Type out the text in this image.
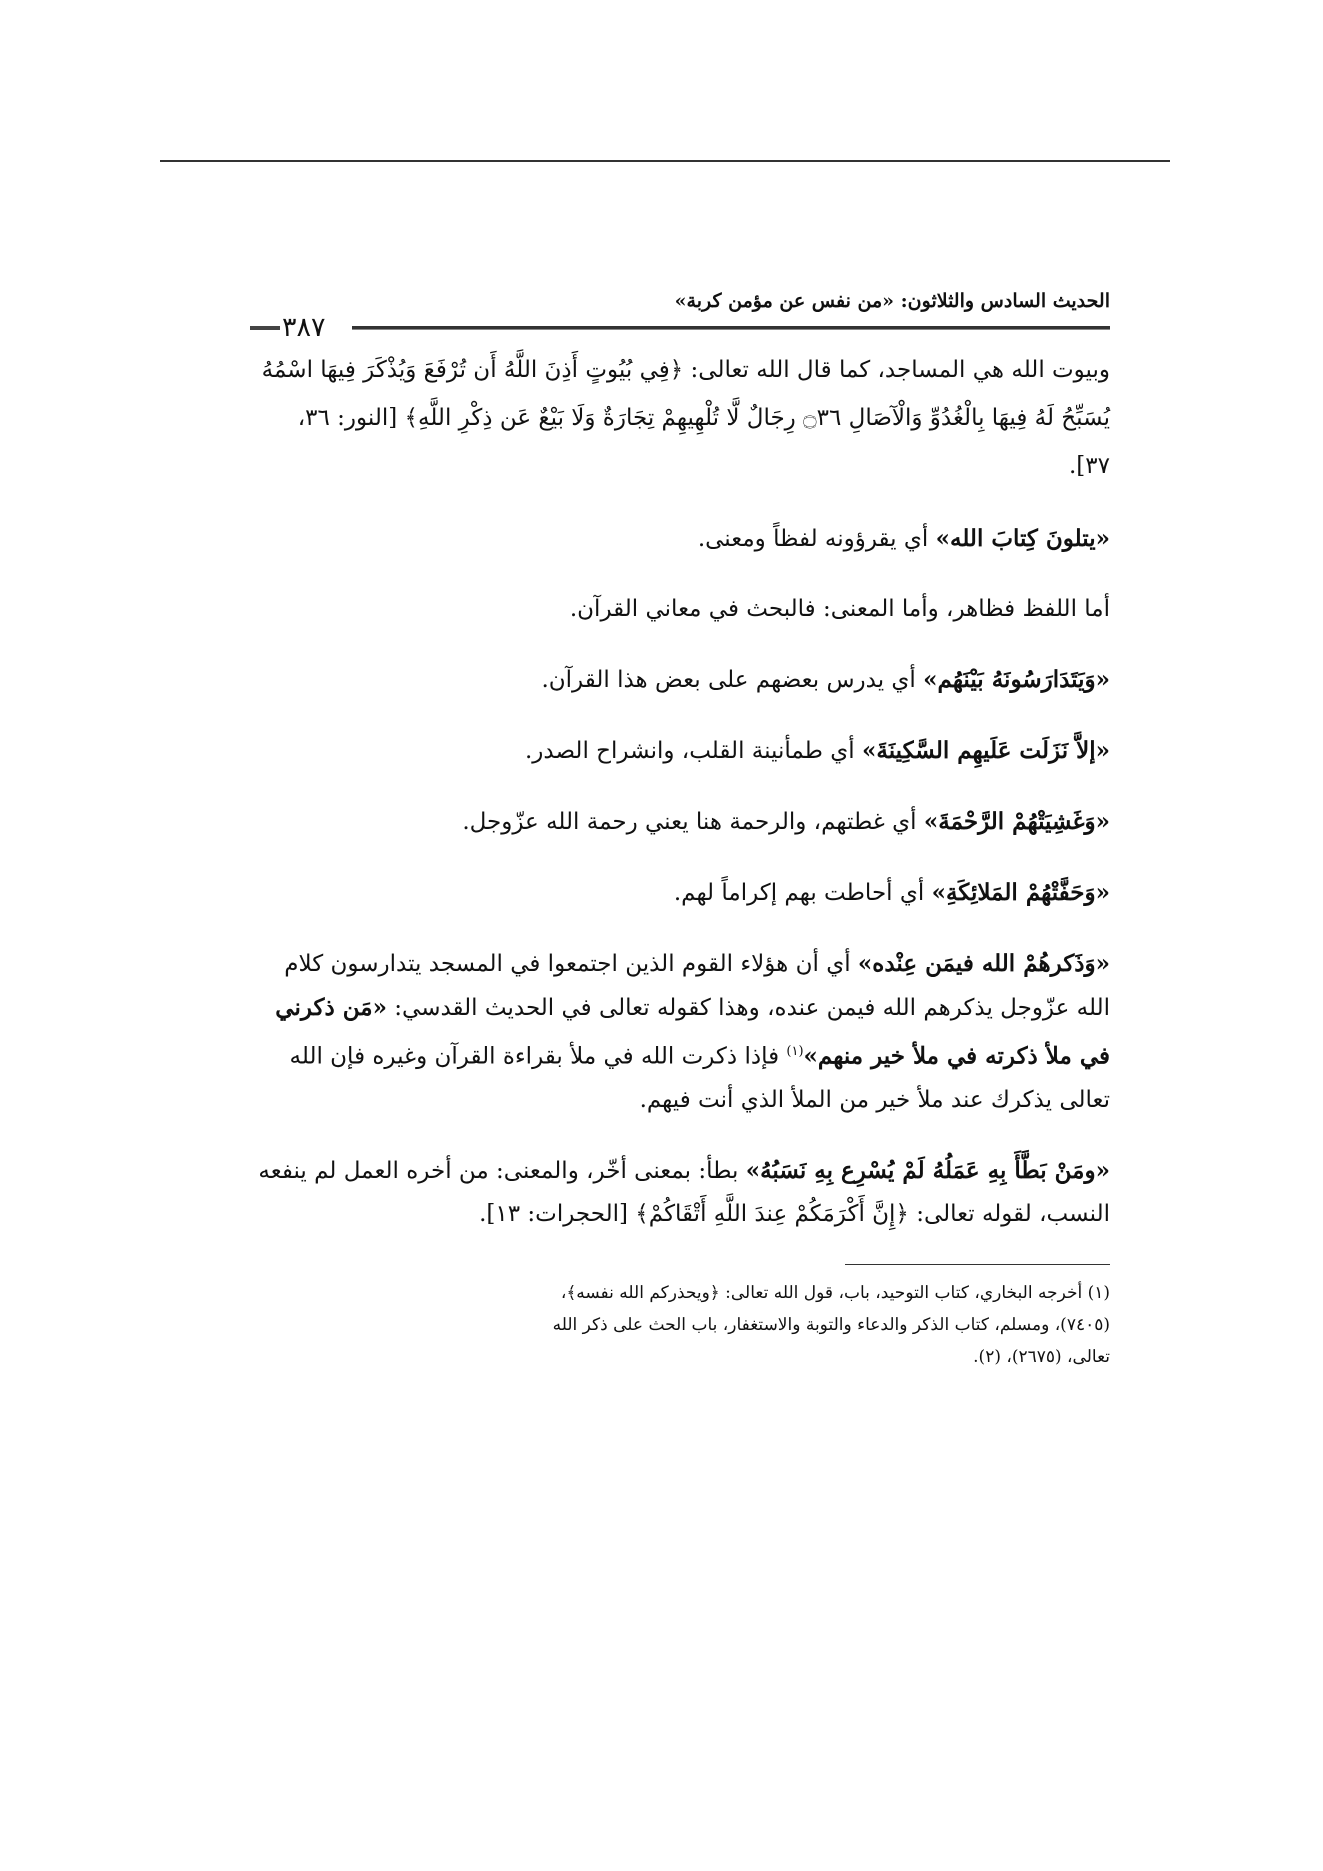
الحديث السادس والثلاثون: «من نفس عن مؤمن كربة»
٣٨٧

وبيوت الله هي المساجد، كما قال الله تعالى: ﴿فِي بُيُوتٍ أَذِنَ اللَّهُ أَن تُرْفَعَ وَيُذْكَرَ فِيهَا اسْمُهُ يُسَبِّحُ لَهُ فِيهَا بِالْغُدُوِّ وَالْآصَالِ ۝٣٦ رِجَالٌ لَّا تُلْهِيهِمْ تِجَارَةٌ وَلَا بَيْعٌ عَن ذِكْرِ اللَّهِ﴾ [النور: ٣٦، ٣٧].

«يتلونَ كِتابَ الله» أي يقرؤونه لفظاً ومعنى.

أما اللفظ فظاهر، وأما المعنى: فالبحث في معاني القرآن.

«وَيَتَدَارَسُونَهُ بَيْنَهُم» أي يدرس بعضهم على بعض هذا القرآن.

«إلاَّ نَزَلَت عَلَيهِم السَّكِينَةَ» أي طمأنينة القلب، وانشراح الصدر.

«وَغَشِيَتْهُمْ الرَّحْمَةَ» أي غطتهم، والرحمة هنا يعني رحمة الله عزّوجل.

«وَحَفَّتْهُمْ المَلائِكَةِ» أي أحاطت بهم إكراماً لهم.

«وَذَكرهُمْ الله فيمَن عِنْده» أي أن هؤلاء القوم الذين اجتمعوا في المسجد يتدارسون كلام الله عزّوجل يذكرهم الله فيمن عنده، وهذا كقوله تعالى في الحديث القدسي: «مَن ذكرني في ملأ ذكرته في ملأ خير منهم»$^{(١)}$ فإذا ذكرت الله في ملأ بقراءة القرآن وغيره فإن الله تعالى يذكرك عند ملأ خير من الملأ الذي أنت فيهم.

«ومَنْ بَطَّأَ بِهِ عَمَلُهُ لَمْ يُسْرِع بِهِ نَسَبُهُ» بطأ: بمعنى أخّر، والمعنى: من أخره العمل لم ينفعه النسب، لقوله تعالى: ﴿إِنَّ أَكْرَمَكُمْ عِندَ اللَّهِ أَتْقَاكُمْ﴾ [الحجرات: ١٣].

(١) أخرجه البخاري، كتاب التوحيد، باب، قول الله تعالى: ﴿ويحذركم الله نفسه﴾،

(٧٤٠٥)، ومسلم، كتاب الذكر والدعاء والتوبة والاستغفار، باب الحث على ذكر الله

تعالى، (٢٦٧٥)، (٢).
